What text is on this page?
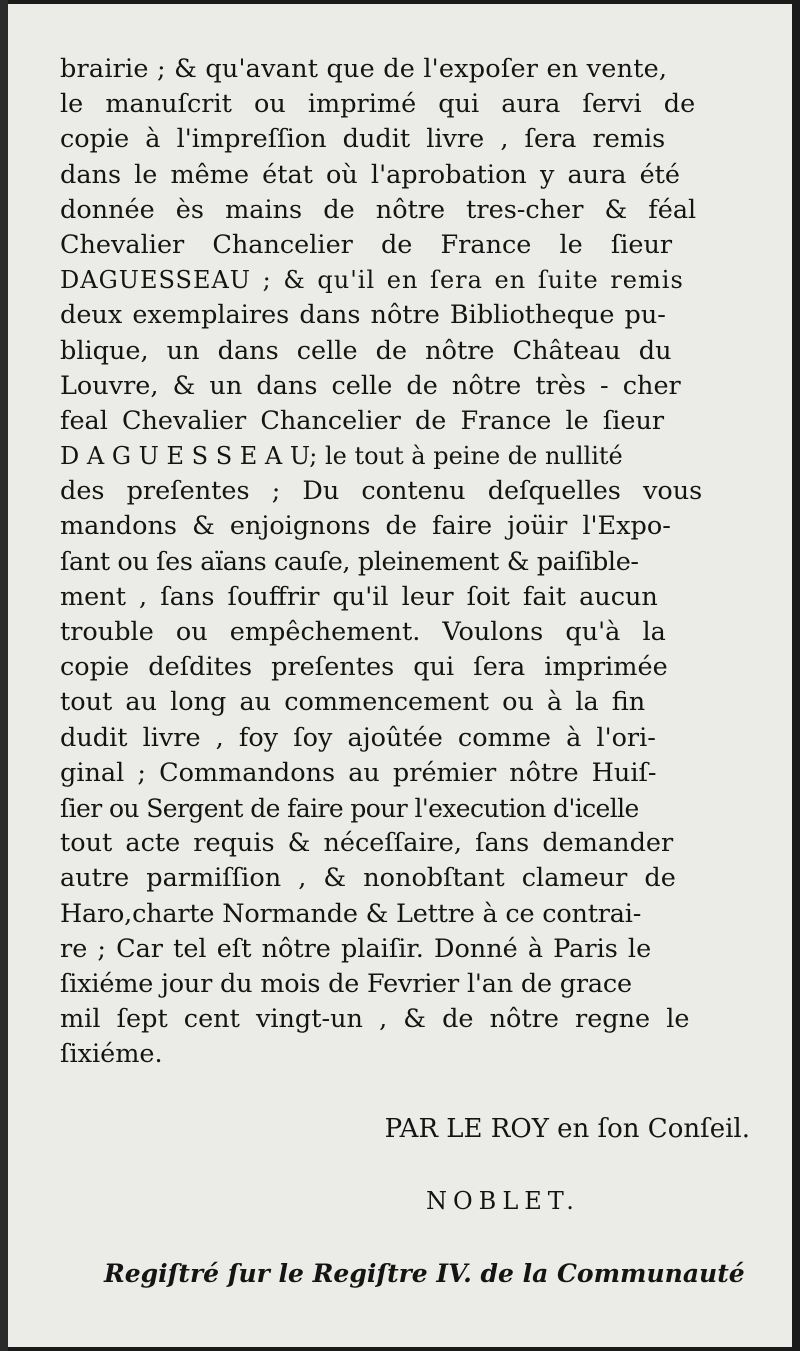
brairie ; & qu'avant que de l'expoſer en vente,
le manuſcrit ou imprimé qui aura ſervi de
copie à l'impreſſion dudit livre , ſera remis
dans le même état où l'aprobation y aura été
donnée ès mains de nôtre tres-cher & féal
Chevalier Chancelier de France le ſieur
DAGUESSEAU ; & qu'il en ſera en ſuite remis
deux exemplaires dans nôtre Bibliotheque pu-
blique, un dans celle de nôtre Château du
Louvre, & un dans celle de nôtre très - cher
feal Chevalier Chancelier de France le ſieur
D A G U E S S E A U; le tout à peine de nullité
des preſentes ; Du contenu deſquelles vous
mandons & enjoignons de faire joüir l'Expo-
ſant ou ſes aïans cauſe, pleinement & paiſible-
ment , ſans ſouffrir qu'il leur ſoit fait aucun
trouble ou empêchement. Voulons qu'à la
copie deſdites preſentes qui ſera imprimée
tout au long au commencement ou à la fin
dudit livre , foy ſoy ajoûtée comme à l'ori-
ginal ; Commandons au prémier nôtre Huiſ-
ſier ou Sergent de faire pour l'execution d'icelle
tout acte requis & néceſſaire, ſans demander
autre parmiſſion , & nonobſtant clameur de
Haro,charte Normande & Lettre à ce contrai-
re ; Car tel eſt nôtre plaiſir. Donné à Paris le
ſixiéme jour du mois de Fevrier l'an de grace
mil ſept cent vingt-un , & de nôtre regne le
ſixiéme.
PAR LE ROY en ſon Conſeil.
NOBLET.
Regiſtré ſur le Regiſtre IV. de la Communauté
